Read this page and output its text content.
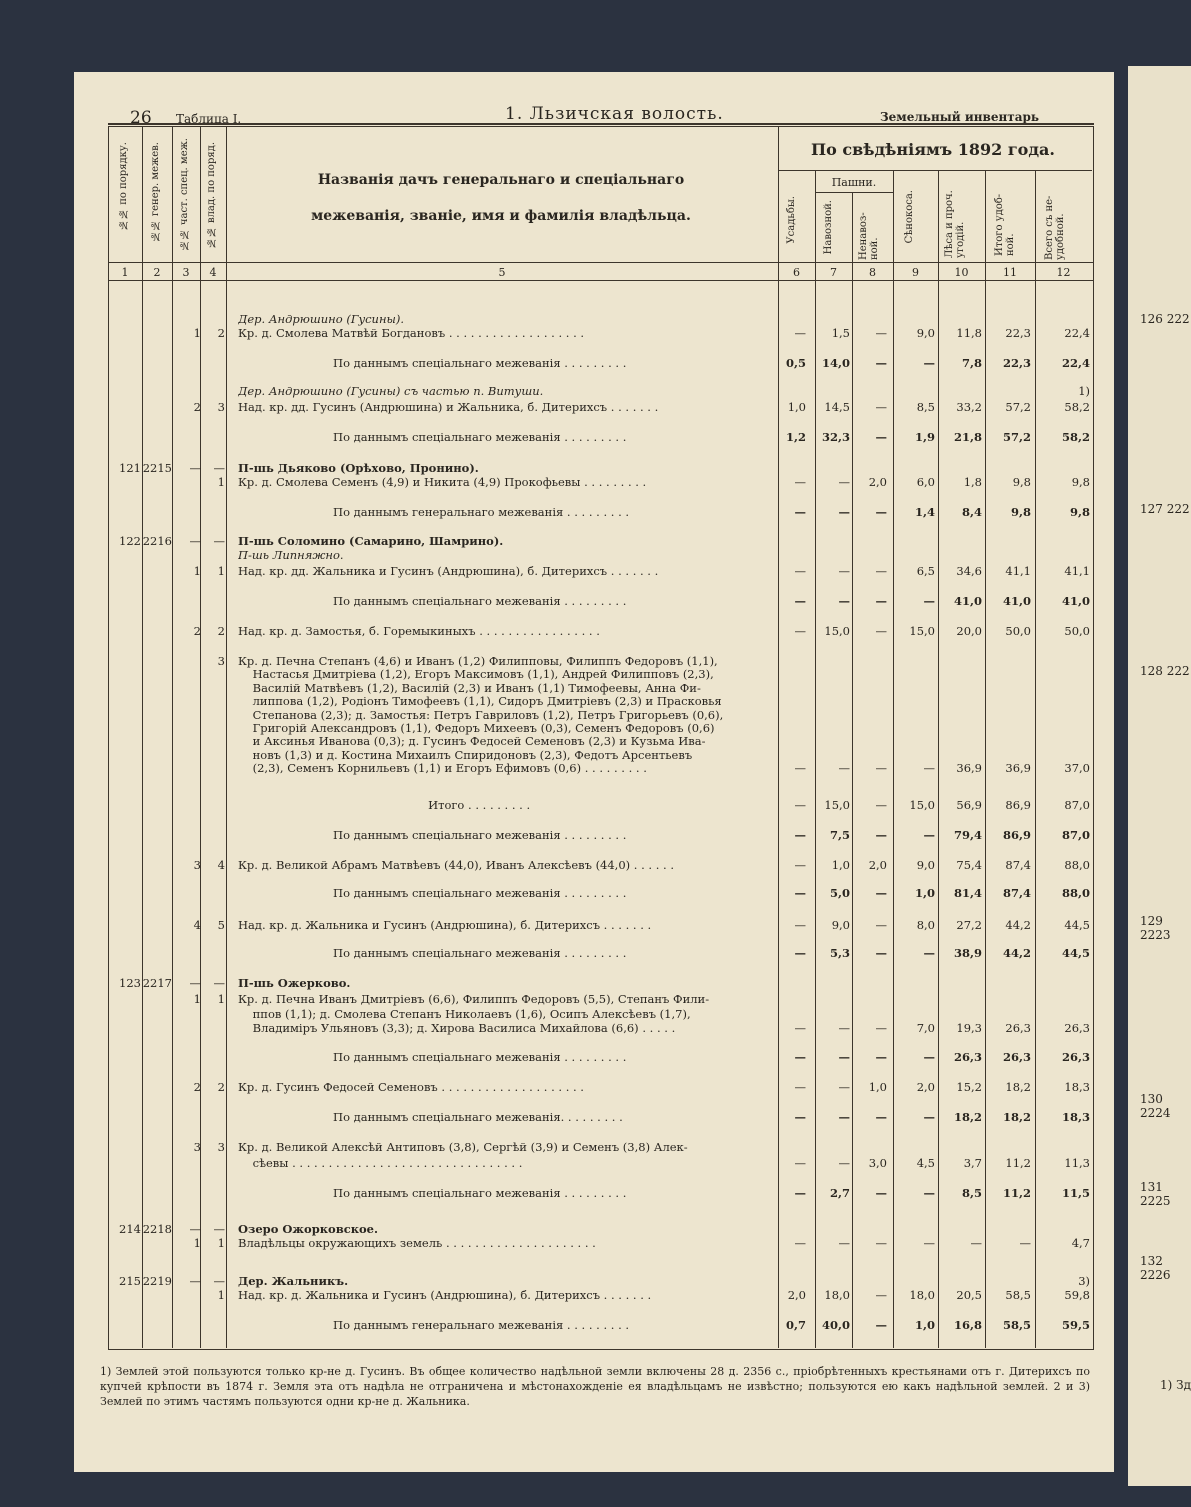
26 Таблица I.	1. Льзичская волость.	Земельный инвентарь
№№ по порядку. №№ генер. межев. №№ част. спец. меж. №№ влад. по поряд.	Названія дачъ генеральнаго и спеціальнаго
межеванія, званіе, имя и фамилія владѣльца.
По свѣдѣніямъ 1892 года.
Пашни.
Усадьбы.	Навозной. Ненавоз-ной.
Сѣнокоса.	Лѣса и проч. угодій.	Итого удоб-ной.	Всего съ не-удобной.
1	2	3	4	5	6	7	8	9	10	11	12
Дер. Андрюшино (Гусины).
1	2 Кр. д. Смолева Матвѣй Богдановъ . . . . . . . . . . . . . . . . . . .	—	1,5	—	9,0	11,8	22,3	22,4
По даннымъ спеціальнаго межеванія . . . . . . . . .	0,5	14,0	—	—	7,8	22,3	22,4
Дер. Андрюшино (Гусины) съ частью п. Витуши.	1)
2	3 Над. кр. дд. Гусинъ (Андрюшина) и Жальника, б. Дитерихсъ . . . . . . .	1,0	14,5	—	8,5	33,2	57,2	58,2
По даннымъ спеціальнаго межеванія . . . . . . . . .	1,2	32,3	—	1,9	21,8	57,2	58,2
121 2215	—	— П-шь Дьяково (Орѣхово, Пронино).
1 Кр. д. Смолева Семенъ (4,9) и Никита (4,9) Прокофьевы . . . . . . . . .	—	—	2,0	6,0	1,8	9,8	9,8
По даннымъ генеральнаго межеванія . . . . . . . . .	—	—	—	1,4	8,4	9,8	9,8
122 2216	—	— П-шь Соломино (Самарино, Шамрино).
П-шь Липняжно.
1	1 Над. кр. дд. Жальника и Гусинъ (Андрюшина), б. Дитерихсъ . . . . . . .	—	—	—	6,5	34,6	41,1	41,1
По даннымъ спеціальнаго межеванія . . . . . . . . .	—	—	—	—	41,0	41,0	41,0
2	2 Над. кр. д. Замостья, б. Горемыкиныхъ . . . . . . . . . . . . . . . . .	—	15,0	—	15,0	20,0	50,0	50,0
3 Кр. д. Печна Степанъ (4,6) и Иванъ (1,2) Филипповы, Филиппъ Федоровъ (1,1),
Настасья Дмитріева (1,2), Егоръ Максимовъ (1,1), Андрей Филипповъ (2,3),
Василій Матвѣевъ (1,2), Василій (2,3) и Иванъ (1,1) Тимофеевы, Анна Фи-
липпова (1,2), Родіонъ Тимофеевъ (1,1), Сидоръ Дмитріевъ (2,3) и Прасковья
Степанова (2,3); д. Замостья: Петръ Гавриловъ (1,2), Петръ Григорьевъ (0,6),
Григорій Александровъ (1,1), Федоръ Михеевъ (0,3), Семенъ Федоровъ (0,6)
и Аксинья Иванова (0,3); д. Гусинъ Федосей Семеновъ (2,3) и Кузьма Ива-
новъ (1,3) и д. Костина Михаилъ Спиридоновъ (2,3), Федотъ Арсентьевъ
(2,3), Семенъ Корнильевъ (1,1) и Егоръ Ефимовъ (0,6) . . . . . . . . .	—	—	—	—	36,9	36,9	37,0
Итого . . . . . . . . .	—	15,0	—	15,0	56,9	86,9	87,0
По даннымъ спеціальнаго межеванія . . . . . . . . .	—	7,5	—	—	79,4	86,9	87,0
3	4 Кр. д. Великой Абрамъ Матвѣевъ (44,0), Иванъ Алексѣевъ (44,0) . . . . . .	—	1,0	2,0	9,0	75,4	87,4	88,0
По даннымъ спеціальнаго межеванія . . . . . . . . .	—	5,0	—	1,0	81,4	87,4	88,0
4	5 Над. кр. д. Жальника и Гусинъ (Андрюшина), б. Дитерихсъ . . . . . . .	—	9,0	—	8,0	27,2	44,2	44,5
По даннымъ спеціальнаго межеванія . . . . . . . . .	—	5,3	—	—	38,9	44,2	44,5
123 2217	—	— П-шь Ожерково.
1	1 Кр. д. Печна Иванъ Дмитріевъ (6,6), Филиппъ Федоровъ (5,5), Степанъ Фили-
ппов (1,1); д. Смолева Степанъ Николаевъ (1,6), Осипъ Алексѣевъ (1,7),
Владиміръ Ульяновъ (3,3); д. Хирова Василиса Михайлова (6,6) . . . . .	—	—	—	7,0	19,3	26,3	26,3
По даннымъ спеціальнаго межеванія . . . . . . . . .	—	—	—	—	26,3	26,3	26,3
2	2 Кр. д. Гусинъ Федосей Семеновъ . . . . . . . . . . . . . . . . . . . .	—	—	1,0	2,0	15,2	18,2	18,3
По даннымъ спеціальнаго межеванія. . . . . . . . .	—	—	—	—	18,2	18,2	18,3
3	3 Кр. д. Великой Алексѣй Антиповъ (3,8), Сергѣй (3,9) и Семенъ (3,8) Алек-
сѣевы . . . . . . . . . . . . . . . . . . . . . . . . . . . . . . . .	—	—	3,0	4,5	3,7	11,2	11,3
По даннымъ спеціальнаго межеванія . . . . . . . . .	—	2,7	—	—	8,5	11,2	11,5
214 2218	—	— Озеро Ожорковское.
1	1 Владѣльцы окружающихъ земель . . . . . . . . . . . . . . . . . . . . .	—	—	—	—	—	—	4,7
215 2219	—	— Дер. Жальникъ.	3)
1 Над. кр. д. Жальника и Гусинъ (Андрюшина), б. Дитерихсъ . . . . . . .	2,0	18,0	—	18,0	20,5	58,5	59,8
По даннымъ генеральнаго межеванія . . . . . . . . .	0,7	40,0	—	1,0	16,8	58,5	59,5
1) Землей этой пользуются только кр-не д. Гусинъ. Въ общее количество надѣльной земли включены 28 д. 2356 с., пріобрѣтенныхъ крестьянами отъ г. Дитерихсъ по купчей крѣпости въ 1874 г. Земля эта отъ надѣла не отграничена и мѣстонахожденіе ея владѣльцамъ не извѣстно; пользуются ею какъ надѣльной землей. 2 и 3) Землей по этимъ частямъ пользуются одни кр-не д. Жальника.
126 222
127 222
128 222
129 2223
130 2224
131 2225
132 2226
1) Зд
